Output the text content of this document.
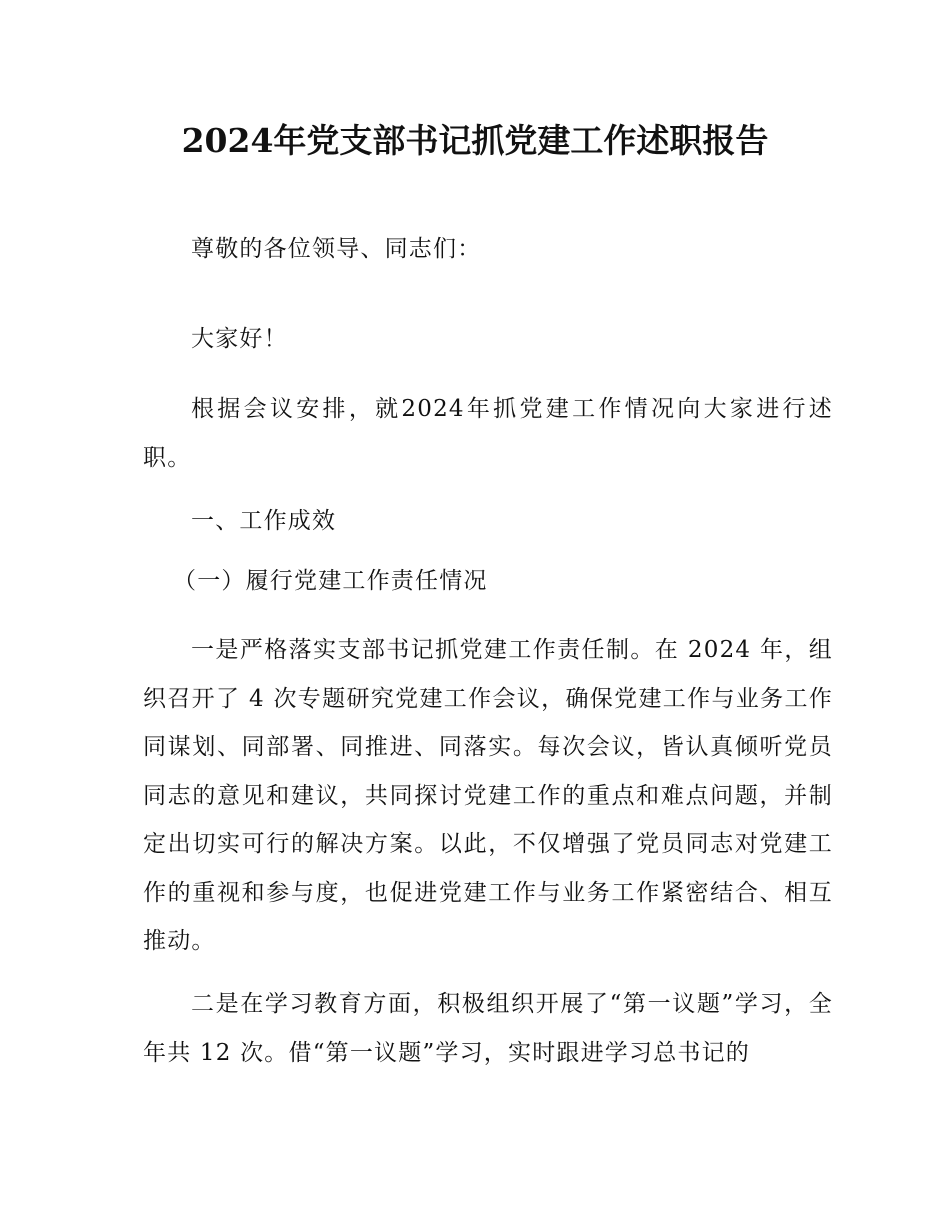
2024年党支部书记抓党建工作述职报告

尊敬的各位领导、同志们：

大家好！

根据会议安排，就2024年抓党建工作情况向大家进行述职。

一、工作成效

（一）履行党建工作责任情况

一是严格落实支部书记抓党建工作责任制。在 2024 年，组织召开了 4 次专题研究党建工作会议，确保党建工作与业务工作同谋划、同部署、同推进、同落实。每次会议，皆认真倾听党员同志的意见和建议，共同探讨党建工作的重点和难点问题，并制定出切实可行的解决方案。以此，不仅增强了党员同志对党建工作的重视和参与度，也促进党建工作与业务工作紧密结合、相互推动。

二是在学习教育方面，积极组织开展了“第一议题”学习，全年共 12 次。借“第一议题”学习，实时跟进学习总书记的
